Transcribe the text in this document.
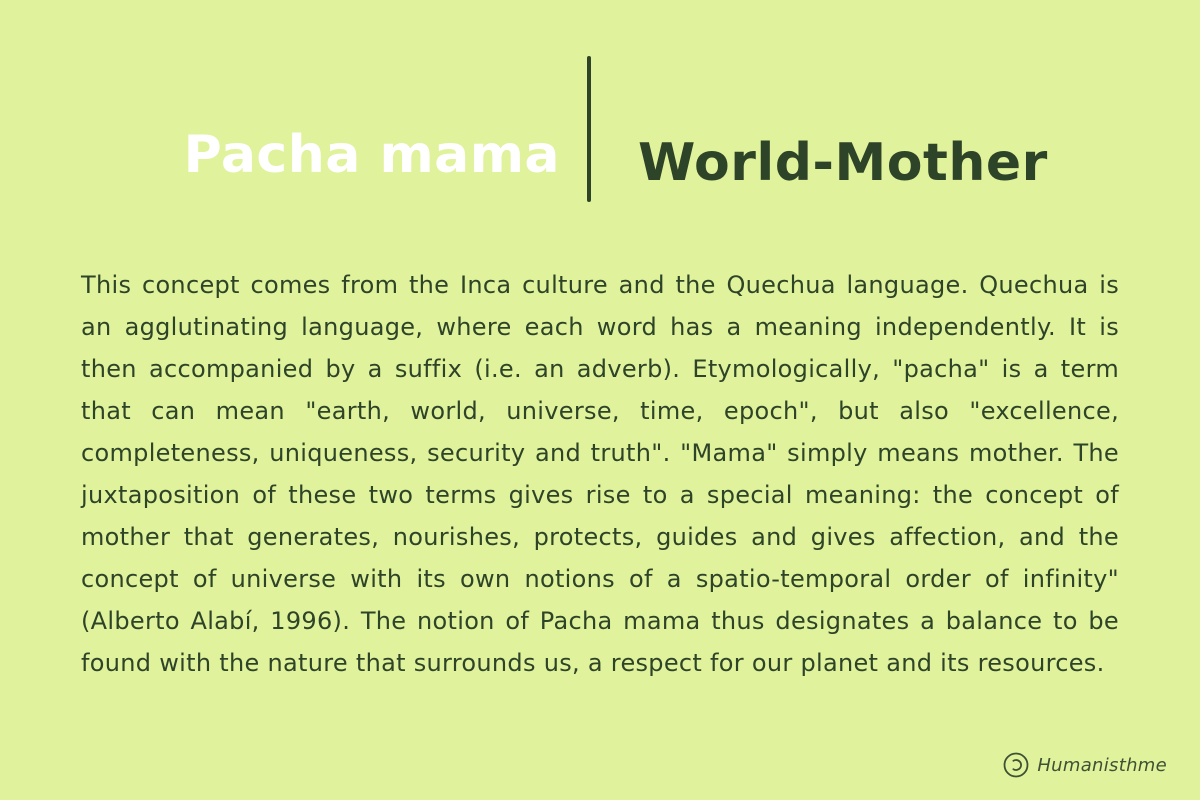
Pacha mama World-Mother

This concept comes from the Inca culture and the Quechua language. Quechua is an agglutinating language, where each word has a meaning independently. It is then accompanied by a suffix (i.e. an adverb). Etymologically, "pacha" is a term that can mean "earth, world, universe, time, epoch", but also "excellence, completeness, uniqueness, security and truth". "Mama" simply means mother. The juxtaposition of these two terms gives rise to a special meaning: the concept of mother that generates, nourishes, protects, guides and gives affection, and the concept of universe with its own notions of a spatio-temporal order of infinity" (Alberto Alabí, 1996). The notion of Pacha mama thus designates a balance to be found with the nature that surrounds us, a respect for our planet and its resources.

Humanisthme
